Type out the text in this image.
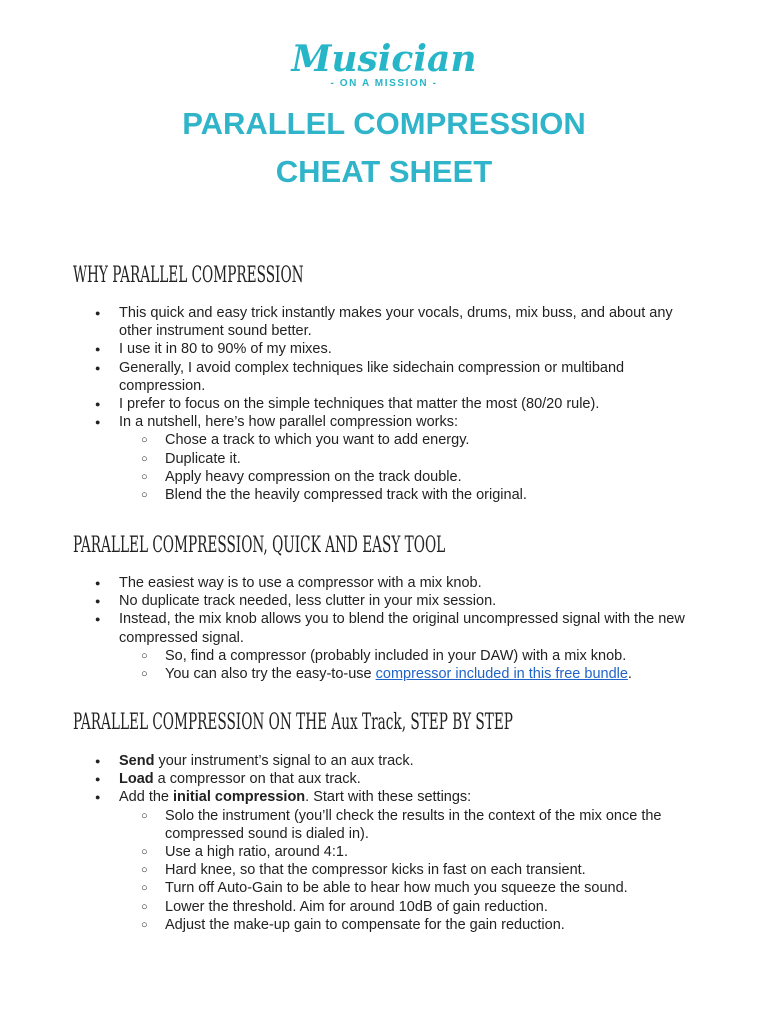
Musician
- ON A MISSION -
PARALLEL COMPRESSION
CHEAT SHEET
WHY PARALLEL COMPRESSION
● This quick and easy trick instantly makes your vocals, drums, mix buss, and about any other instrument sound better.
● I use it in 80 to 90% of my mixes.
● Generally, I avoid complex techniques like sidechain compression or multiband compression.
● I prefer to focus on the simple techniques that matter the most (80/20 rule).
● In a nutshell, here’s how parallel compression works:
○ Chose a track to which you want to add energy.
○ Duplicate it.
○ Apply heavy compression on the track double.
○ Blend the the heavily compressed track with the original.
PARALLEL COMPRESSION, QUICK AND EASY TOOL
● The easiest way is to use a compressor with a mix knob.
● No duplicate track needed, less clutter in your mix session.
● Instead, the mix knob allows you to blend the original uncompressed signal with the new compressed signal.
○ So, find a compressor (probably included in your DAW) with a mix knob.
○ You can also try the easy-to-use compressor included in this free bundle.
PARALLEL COMPRESSION ON THE Aux Track, STEP BY STEP
● Send your instrument’s signal to an aux track.
● Load a compressor on that aux track.
● Add the initial compression. Start with these settings:
○ Solo the instrument (you’ll check the results in the context of the mix once the compressed sound is dialed in).
○ Use a high ratio, around 4:1.
○ Hard knee, so that the compressor kicks in fast on each transient.
○ Turn off Auto-Gain to be able to hear how much you squeeze the sound.
○ Lower the threshold. Aim for around 10dB of gain reduction.
○ Adjust the make-up gain to compensate for the gain reduction.
